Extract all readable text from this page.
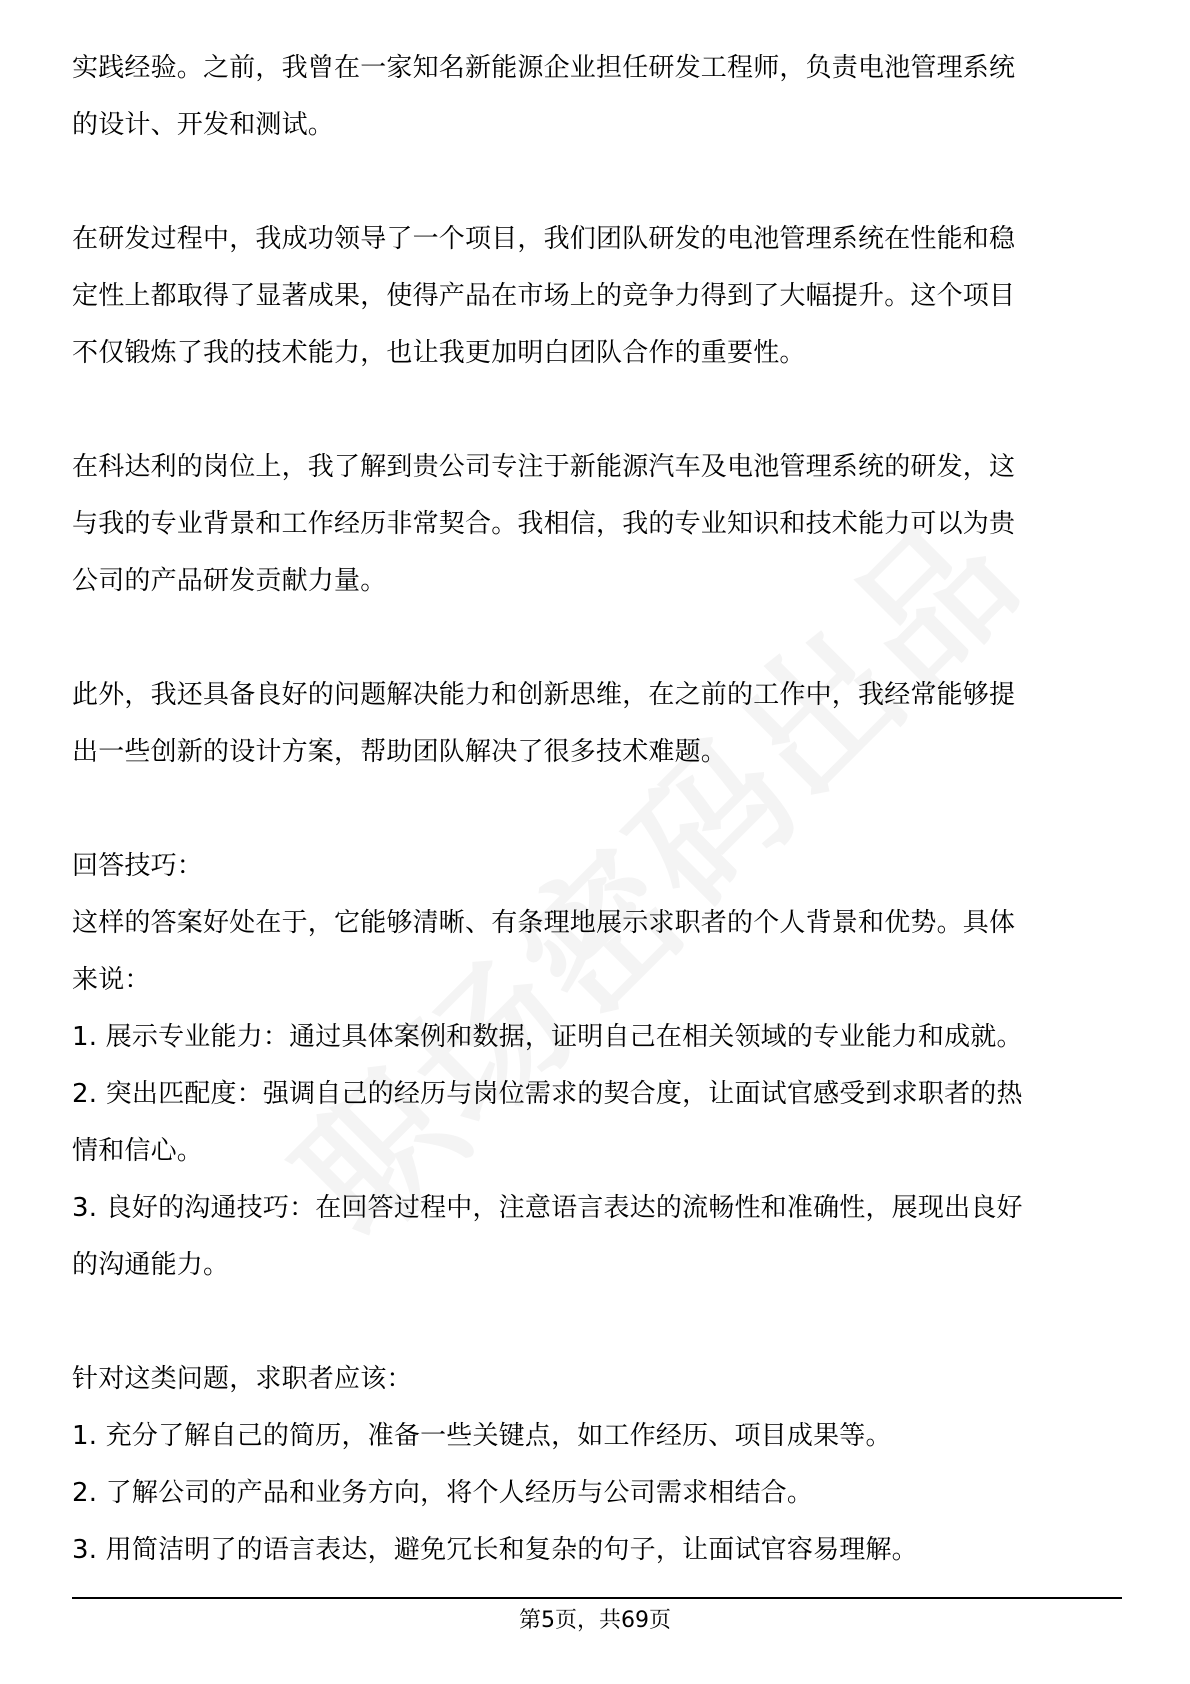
实践经验。之前，我曾在一家知名新能源企业担任研发工程师，负责电池管理系统
的设计、开发和测试。
在研发过程中，我成功领导了一个项目，我们团队研发的电池管理系统在性能和稳
定性上都取得了显著成果，使得产品在市场上的竞争力得到了大幅提升。这个项目
不仅锻炼了我的技术能力，也让我更加明白团队合作的重要性。
在科达利的岗位上，我了解到贵公司专注于新能源汽车及电池管理系统的研发，这
与我的专业背景和工作经历非常契合。我相信，我的专业知识和技术能力可以为贵
公司的产品研发贡献力量。
此外，我还具备良好的问题解决能力和创新思维，在之前的工作中，我经常能够提
出一些创新的设计方案，帮助团队解决了很多技术难题。
回答技巧：
这样的答案好处在于，它能够清晰、有条理地展示求职者的个人背景和优势。具体
来说：
1. 展示专业能力：通过具体案例和数据，证明自己在相关领域的专业能力和成就。
2. 突出匹配度：强调自己的经历与岗位需求的契合度，让面试官感受到求职者的热
情和信心。
3. 良好的沟通技巧：在回答过程中，注意语言表达的流畅性和准确性，展现出良好
的沟通能力。
针对这类问题，求职者应该：
1. 充分了解自己的简历，准备一些关键点，如工作经历、项目成果等。
2. 了解公司的产品和业务方向，将个人经历与公司需求相结合。
3. 用简洁明了的语言表达，避免冗长和复杂的句子，让面试官容易理解。
第5页，共69页
